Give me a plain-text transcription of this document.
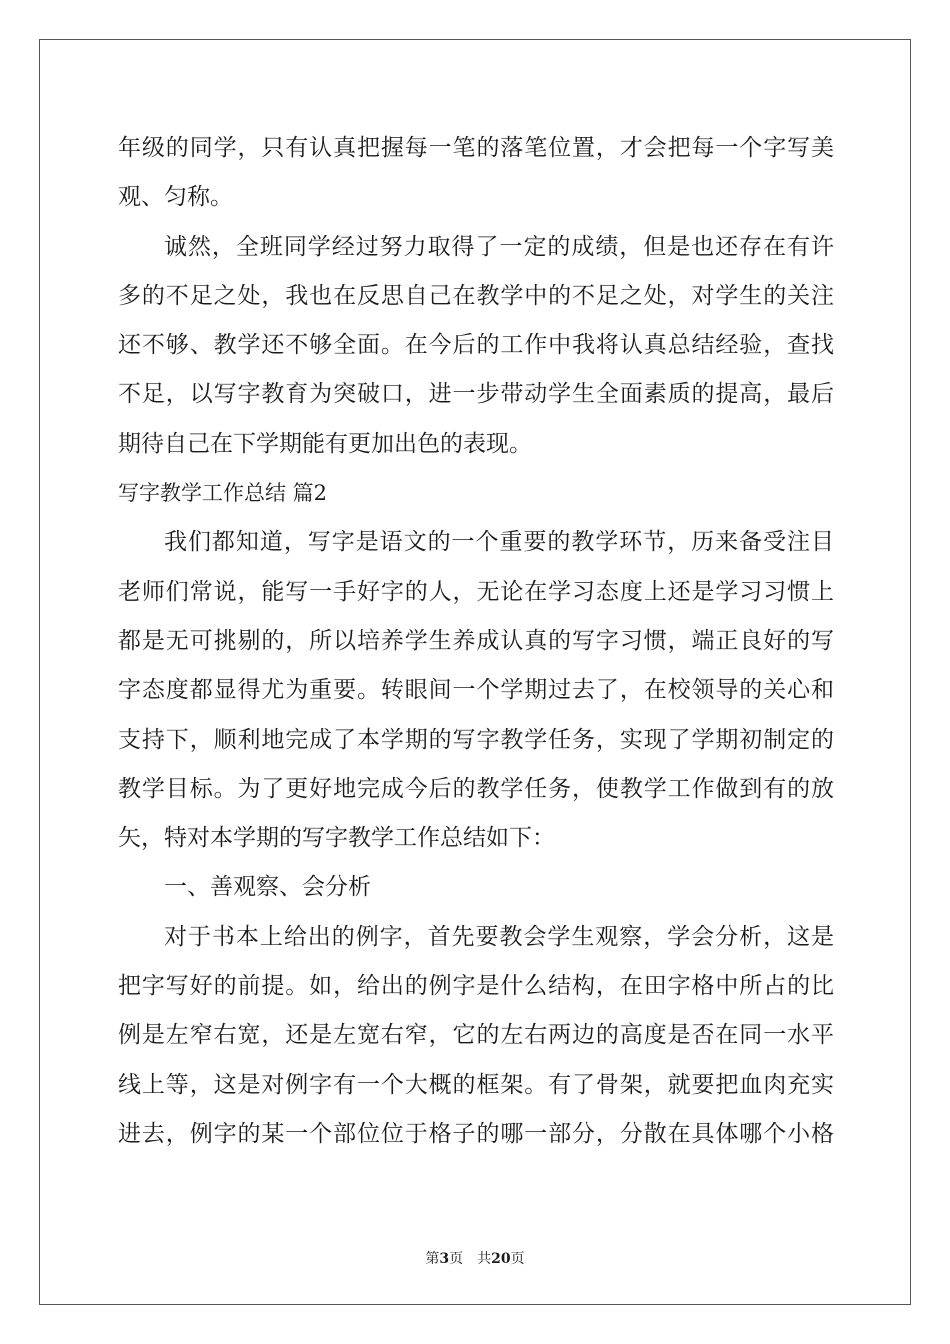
年级的同学，只有认真把握每一笔的落笔位置，才会把每一个字写美
观、匀称。
诚然，全班同学经过努力取得了一定的成绩，但是也还存在有许
多的不足之处，我也在反思自己在教学中的不足之处，对学生的关注
还不够、教学还不够全面。在今后的工作中我将认真总结经验，查找
不足，以写字教育为突破口，进一步带动学生全面素质的提高，最后
期待自己在下学期能有更加出色的表现。
写字教学工作总结 篇2
我们都知道，写字是语文的一个重要的教学环节，历来备受注目
老师们常说，能写一手好字的人，无论在学习态度上还是学习习惯上
都是无可挑剔的，所以培养学生养成认真的写字习惯，端正良好的写
字态度都显得尤为重要。转眼间一个学期过去了，在校领导的关心和
支持下，顺利地完成了本学期的写字教学任务，实现了学期初制定的
教学目标。为了更好地完成今后的教学任务，使教学工作做到有的放
矢，特对本学期的写字教学工作总结如下：
一、善观察、会分析
对于书本上给出的例字，首先要教会学生观察，学会分析，这是
把字写好的前提。如，给出的例字是什么结构，在田字格中所占的比
例是左窄右宽，还是左宽右窄，它的左右两边的高度是否在同一水平
线上等，这是对例字有一个大概的框架。有了骨架，就要把血肉充实
进去，例字的某一个部位位于格子的哪一部分，分散在具体哪个小格
第3页 共20页
